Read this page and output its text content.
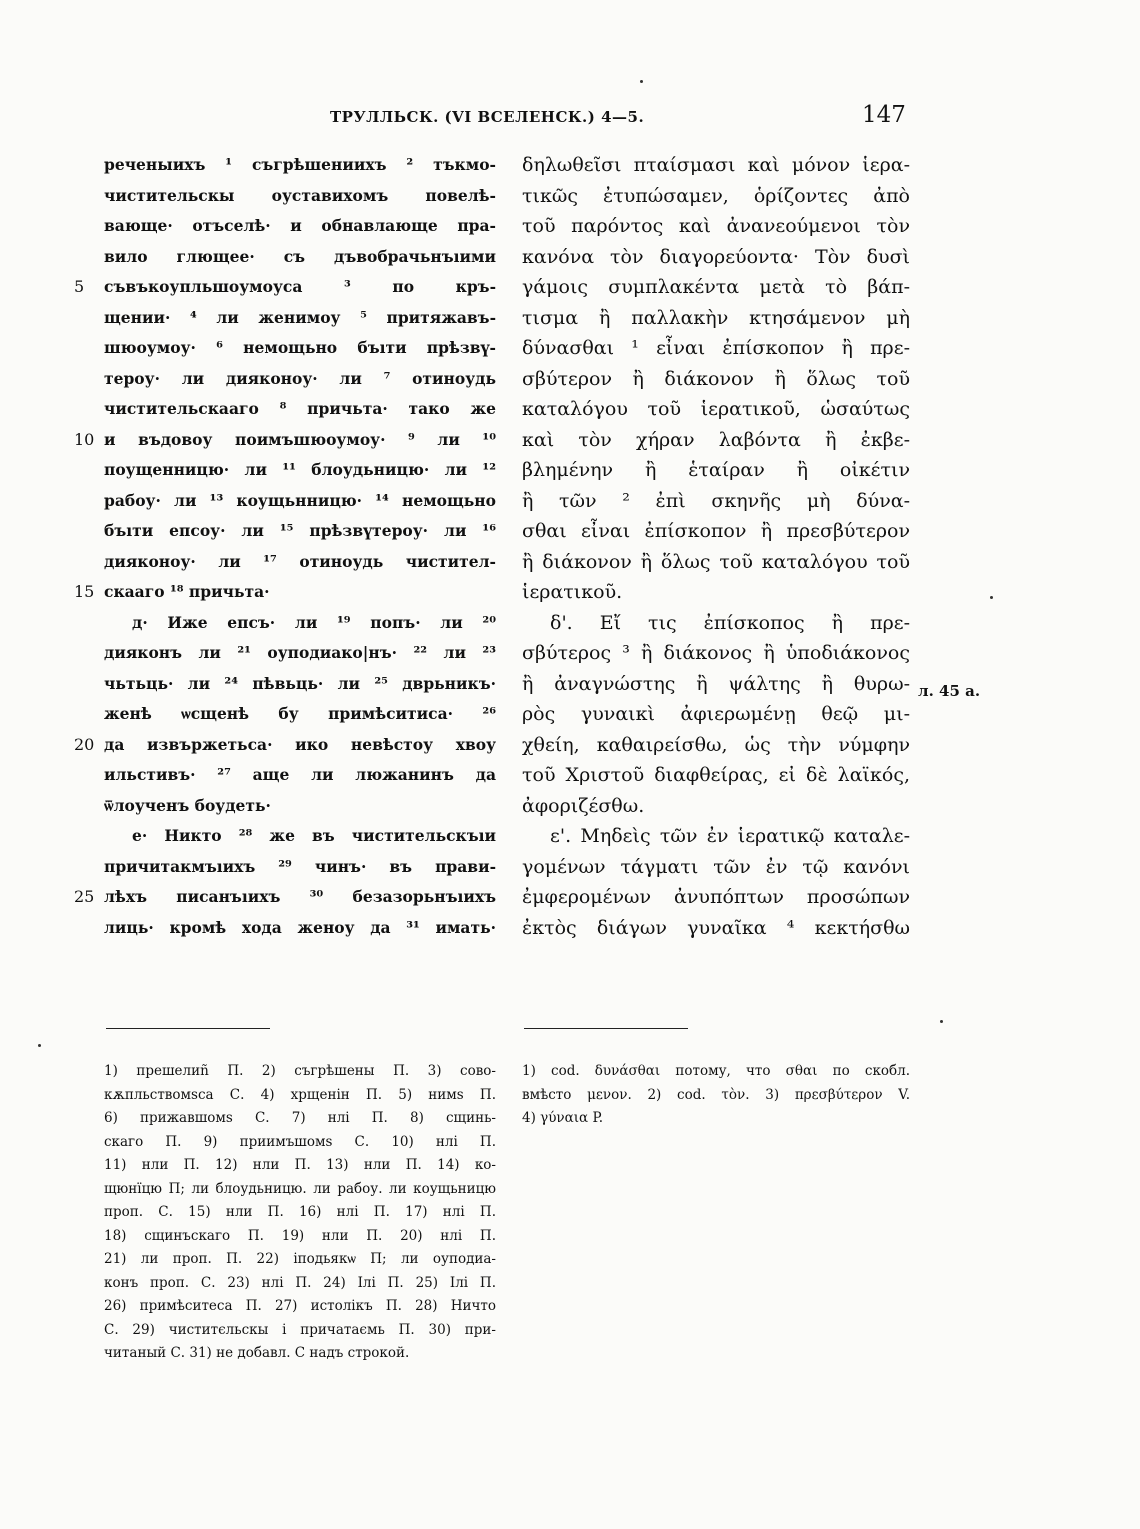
ТРУЛЛЬСК. (VI ВСЕЛЕНСК.) 4—5.	147
реченыихъ ¹ съгрѣшениихъ ² тъкмо-
чистительскы оуставихомъ повелѣ-
вающе· отъселѣ· и обнавлающе пра-
вило глющее· съ дъвобрачьнъıими
съвъкоупльшоумоуса ³ по кръ-
5
щении· ⁴ ли женимоу ⁵ притяжавъ-
шюоумоу· ⁶ немощьно бъıти прѣзвү-
тероу· ли дияконоу· ли ⁷ отиноудь
чистительскааго ⁸ причьта· тако же
и въдовоу поимъшюоумоу· ⁹ ли ¹⁰
10
поущенницю· ли ¹¹ блоудьницю· ли ¹²
рабоу· ли ¹³ коущьнницю· ¹⁴ немощьно
бъıти епсоу· ли ¹⁵ прѣзвүтероу· ли ¹⁶
дияконоу· ли ¹⁷ отиноудь чистител-
скааго ¹⁸ причьта·
15
д· Иже епсъ· ли ¹⁹ попъ· ли ²⁰
дияконъ ли ²¹ оуподиако|нъ· ²² ли ²³
чьтьць· ли ²⁴ пѣвьць· ли ²⁵ дврьникъ·
женѣ ѡсщенѣ бу примѣситиса· ²⁶
да извържетьса· ико невѣстоу хвоу
20
ильстивъ· ²⁷ аще ли люжанинъ да
ѿлоученъ боудеть·
е· Никто ²⁸ же въ чистительскъıи
причитакмъıихъ ²⁹ чинъ· въ прави-
лѣхъ писанъıихъ ³⁰ безазорьнъıихъ
25
лиць· кромѣ хода женоу да ³¹ имать·
δηλωθεῖσι πταίσμασι καὶ μόνον ἱερα-
τικῶς ἐτυπώσαμεν, ὁρίζοντες ἀπὸ
τοῦ παρόντος καὶ ἀνανεούμενοι τὸν
κανόνα τὸν διαγορεύοντα· Τὸν δυσὶ
γάμοις συμπλακέντα μετὰ τὸ βάπ-
τισμα ἢ παλλακὴν κτησάμενον μὴ
δύνασθαι ¹ εἶναι ἐπίσκοπον ἢ πρε-
σβύτερον ἢ διάκονον ἢ ὅλως τοῦ
καταλόγου τοῦ ἱερατικοῦ, ὡσαύτως
καὶ τὸν χήραν λαβόντα ἢ ἐκβε-
βλημένην ἢ ἑταίραν ἢ οἰκέτιν
ἢ τῶν ² ἐπὶ σκηνῆς μὴ δύνα-
σθαι εἶναι ἐπίσκοπον ἢ πρεσβύτερον
ἢ διάκονον ἢ ὅλως τοῦ καταλόγου τοῦ
ἱερατικοῦ.
δ'. Εἴ τις ἐπίσκοπος ἢ πρε-
σβύτερος ³ ἢ διάκονος ἢ ὑποδιάκονος
ἢ ἀναγνώστης ἢ ψάλτης ἢ θυρω-
ρὸς γυναικὶ ἀφιερωμένῃ θεῷ μι-
χθείη, καθαιρείσθω, ὡς τὴν νύμφην
τοῦ Χριστοῦ διαφθείρας, εἰ δὲ λαϊκός,
ἀφοριζέσθω.
ε'. Μηδεὶς τῶν ἐν ἱερατικῷ καταλε-
γομένων τάγματι τῶν ἐν τῷ κανόνι
ἐμφερομένων ἀνυπόπτων προσώπων
ἐκτὸς διάγων γυναῖκα ⁴ κεκτήσθω
л. 45 а.
1) прешелиñ П. 2) съгрѣшены П. 3) сово-
кѫпльствомѕса С. 4) хрщенін П. 5) нимѕ П.
6) прижавшомѕ С. 7) нлі П. 8) сщинь-
скаго П. 9) приимъшомѕ С. 10) нлі П.
11) нли П. 12) нли П. 13) нли П. 14) ко-
щюнїцю П; ли блоудьницю. ли рабоу. ли коущьницю
проп. С. 15) нли П. 16) нлі П. 17) нлі П.
18) сщинъскаго П. 19) нли П. 20) нлі П.
21) ли проп. П. 22) іподьякѡ П; ли оуподиа-
конъ проп. С. 23) нлі П. 24) Ілі П. 25) Ілі П.
26) примѣситеса П. 27) истолікъ П. 28) Ничто
С. 29) чиститєльскы і причатаємь П. 30) при-
читаный С. 31) не добавл. С надъ строкой.
1) cod. δυνάσθαι потому, что σθαι по скобл.
вмѣсто μενον. 2) cod. τὸν. 3) πρεσβύτερον V.
4) γύναια P.
